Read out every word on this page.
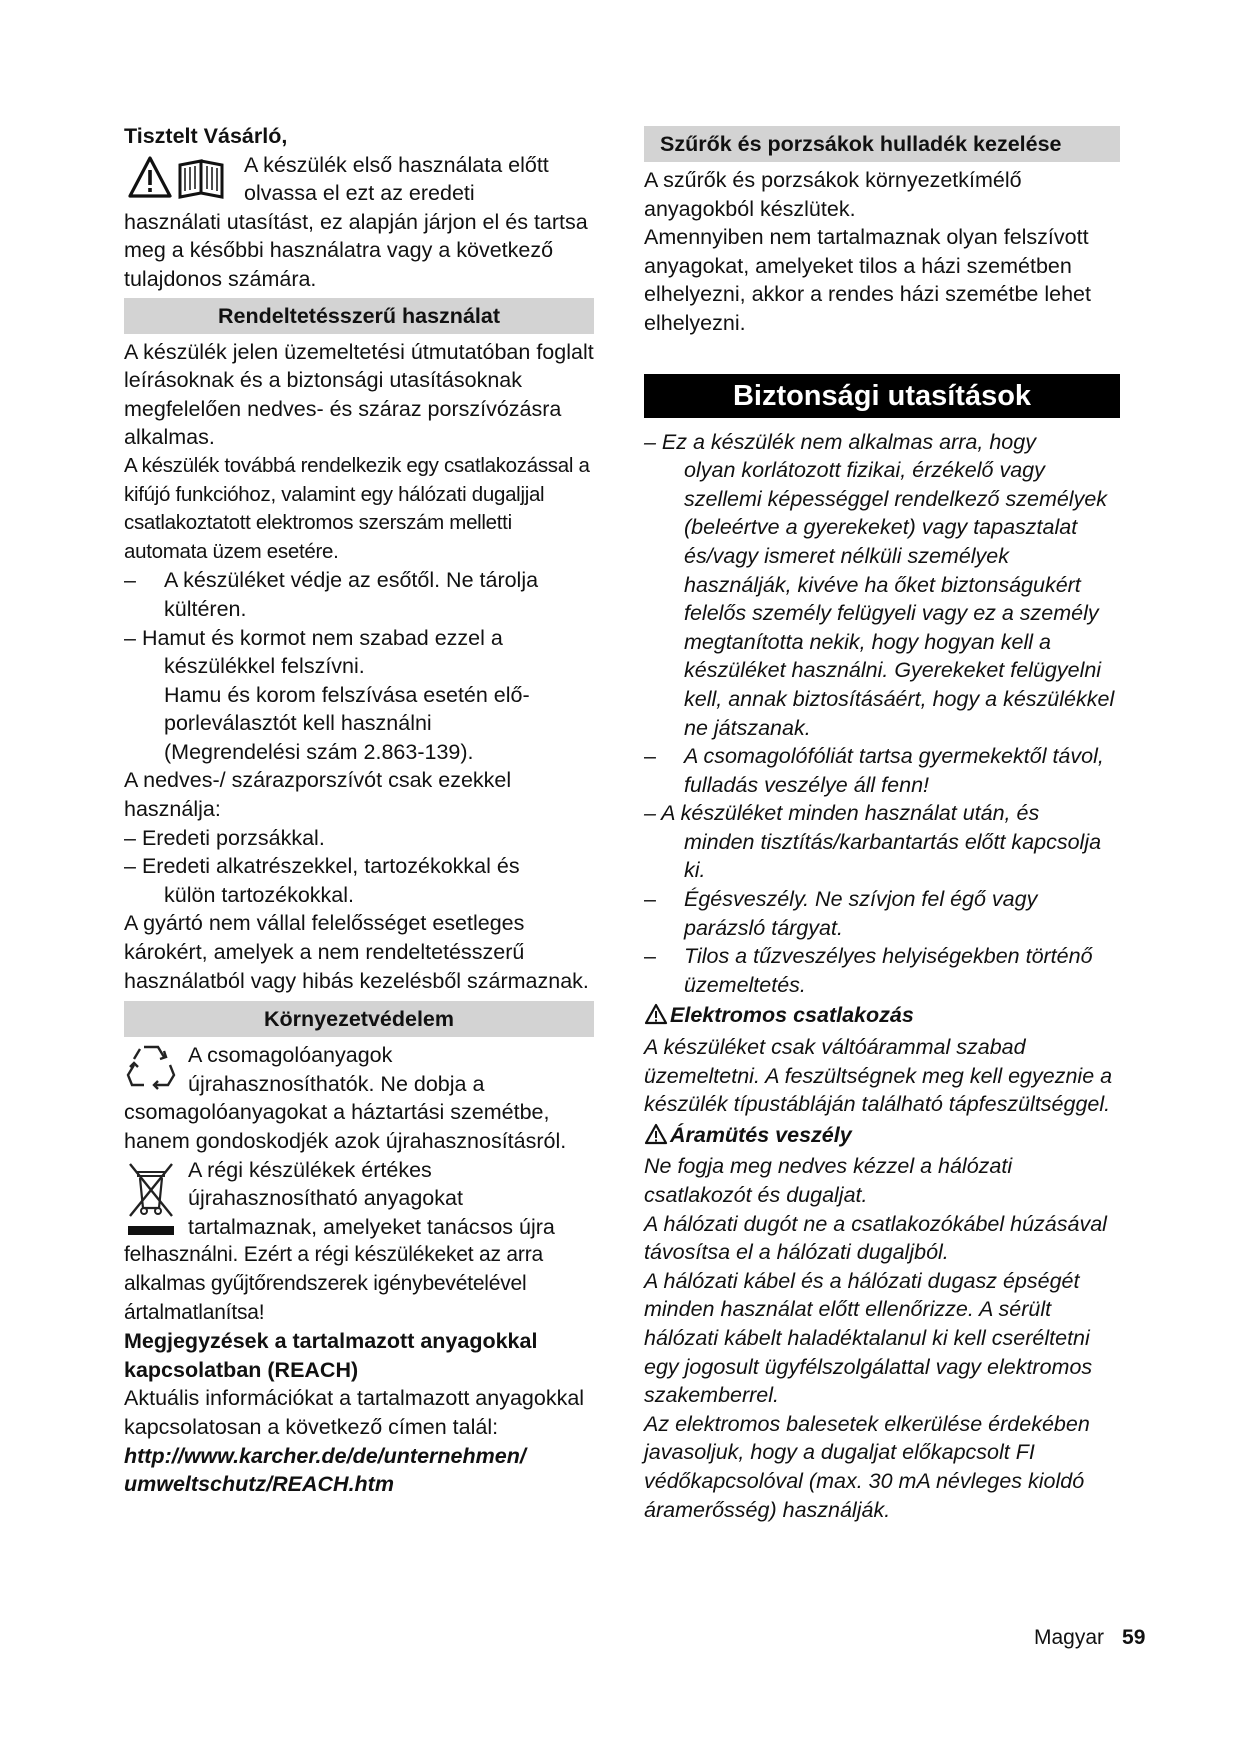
Tisztelt Vásárló,

A készülék első használata előtt

olvassa el ezt az eredeti

használati utasítást, ez alapján járjon el és tartsa meg a későbbi használatra vagy a következő tulajdonos számára.

Rendeltetésszerű használat

A készülék jelen üzemeltetési útmutatóban foglalt leírásoknak és a biztonsági utasításoknak megfelelően nedves- és száraz porszívózásra alkalmas.

A készülék továbbá rendelkezik egy csatlakozással a kifújó funkcióhoz, valamint egy hálózati dugaljjal csatlakoztatott elektromos szerszám melletti automata üzem esetére.

– A készüléket védje az esőtől. Ne tárolja kültéren.

– Hamut és kormot nem szabad ezzel a

készülékkel felszívni.

Hamu és korom felszívása esetén elő-

porleválasztót kell használni

(Megrendelési szám 2.863-139).

A nedves-/ szárazporszívót csak ezekkel használja:

– Eredeti porzsákkal.

– Eredeti alkatrészekkel, tartozékokkal és

külön tartozékokkal.

A gyártó nem vállal felelősséget esetleges károkért, amelyek a nem rendeltetésszerű használatból vagy hibás kezelésből származnak.

Környezetvédelem

A csomagolóanyagok

újrahasznosíthatók. Ne dobja a

csomagolóanyagokat a háztartási szemétbe, hanem gondoskodjék azok újrahasznosításról.

A régi készülékek értékes

újrahasznosítható anyagokat

tartalmaznak, amelyeket tanácsos újra

felhasználni. Ezért a régi készülékeket az arra alkalmas gyűjtőrendszerek igénybevételével ártalmatlanítsa!

Megjegyzések a tartalmazott anyagokkal kapcsolatban (REACH)

Aktuális információkat a tartalmazott anyagokkal kapcsolatosan a következő címen talál:

http://www.karcher.de/de/unternehmen/

umweltschutz/REACH.htm

Szűrők és porzsákok hulladék kezelése

A szűrők és porzsákok környezetkímélő anyagokból készlütek.

Amennyiben nem tartalmaznak olyan felszívott anyagokat, amelyeket tilos a házi szemétben elhelyezni, akkor a rendes házi szemétbe lehet elhelyezni.

Biztonsági utasítások

– Ez a készülék nem alkalmas arra, hogy

olyan korlátozott fizikai, érzékelő vagy szellemi képességgel rendelkező személyek (beleértve a gyerekeket) vagy tapasztalat és/vagy ismeret nélküli személyek használják, kivéve ha őket biztonságukért felelős személy felügyeli vagy ez a személy megtanította nekik, hogy hogyan kell a készüléket használni. Gyerekeket felügyelni kell, annak biztosításáért, hogy a készülékkel ne játszanak.

– A csomagolófóliát tartsa gyermekektől távol, fulladás veszélye áll fenn!

– A készüléket minden használat után, és

minden tisztítás/karbantartás előtt kapcsolja ki.

– Égésveszély. Ne szívjon fel égő vagy parázsló tárgyat.
– Tilos a tűzveszélyes helyiségekben történő üzemeltetés.

Elektromos csatlakozás

A készüléket csak váltóárammal szabad üzemeltetni. A feszültségnek meg kell egyeznie a készülék típustábláján található tápfeszültséggel.

Áramütés veszély

Ne fogja meg nedves kézzel a hálózati csatlakozót és dugaljat.

A hálózati dugót ne a csatlakozókábel húzásával távosítsa el a hálózati dugaljból.

A hálózati kábel és a hálózati dugasz épségét minden használat előtt ellenőrizze. A sérült hálózati kábelt haladéktalanul ki kell cseréltetni egy jogosult ügyfélszolgálattal vagy elektromos szakemberrel.

Az elektromos balesetek elkerülése érdekében javasoljuk, hogy a dugaljat előkapcsolt FI védőkapcsolóval (max. 30 mA névleges kioldó áramerősség) használják.

Magyar 59
